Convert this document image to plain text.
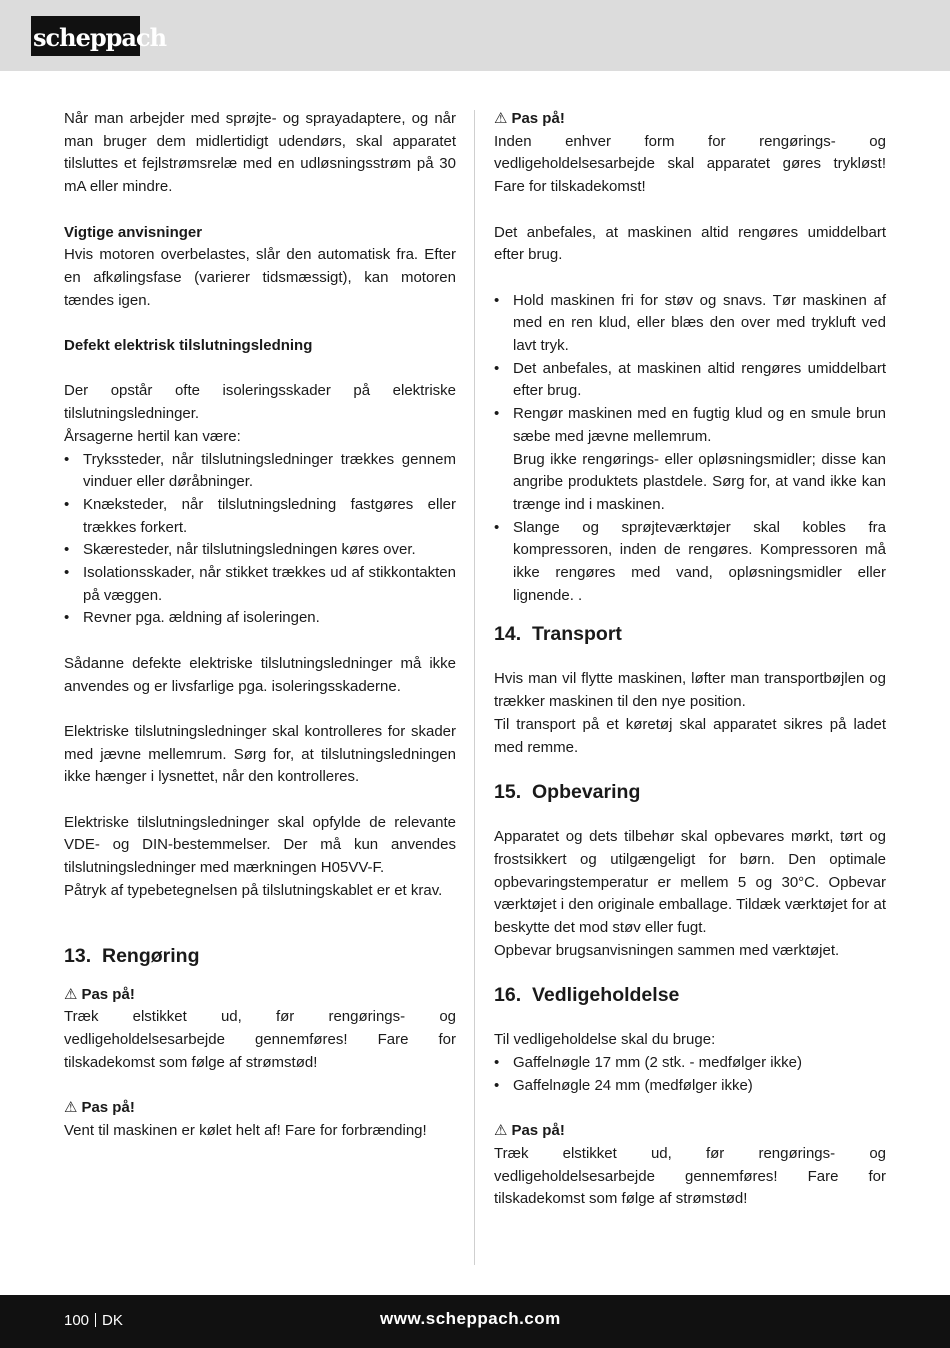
scheppach

Når man arbejder med sprøjte- og sprayadaptere, og når man bruger dem midlertidigt udendørs, skal apparatet tilsluttes et fejlstrømsrelæ med en udløsningsstrøm på 30 mA eller mindre.

Vigtige anvisninger

Hvis motoren overbelastes, slår den automatisk fra. Efter en afkølingsfase (varierer tidsmæssigt), kan motoren tændes igen.

Defekt elektrisk tilslutningsledning

Der opstår ofte isoleringsskader på elektriske tilslutningsledninger.

Årsagerne hertil kan være:

• Trykssteder, når tilslutningsledninger trækkes gennem vinduer eller døråbninger.
• Knæksteder, når tilslutningsledning fastgøres eller trækkes forkert.
• Skæresteder, når tilslutningsledningen køres over.
• Isolationsskader, når stikket trækkes ud af stikkontakten på væggen.
• Revner pga. ældning af isoleringen.

Sådanne defekte elektriske tilslutningsledninger må ikke anvendes og er livsfarlige pga. isoleringsskaderne.

Elektriske tilslutningsledninger skal kontrolleres for skader med jævne mellemrum. Sørg for, at tilslutningsledningen ikke hænger i lysnettet, når den kontrolleres.

Elektriske tilslutningsledninger skal opfylde de relevante VDE- og DIN-bestemmelser. Der må kun anvendes tilslutningsledninger med mærkningen H05VV-F.

Påtryk af typebetegnelsen på tilslutningskablet er et krav.

13. Rengøring

⚠ Pas på!

Træk elstikket ud, før rengørings- og vedligeholdelsesarbejde gennemføres! Fare for tilskadekomst som følge af strømstød!

⚠ Pas på!

Vent til maskinen er kølet helt af! Fare for forbrænding!

⚠ Pas på!

Inden enhver form for rengørings- og vedligeholdelsesarbejde skal apparatet gøres trykløst! Fare for tilskadekomst!

Det anbefales, at maskinen altid rengøres umiddelbart efter brug.

• Hold maskinen fri for støv og snavs. Tør maskinen af med en ren klud, eller blæs den over med trykluft ved lavt tryk.
• Det anbefales, at maskinen altid rengøres umiddelbart efter brug.
• Rengør maskinen med en fugtig klud og en smule brun sæbe med jævne mellemrum.
Brug ikke rengørings- eller opløsningsmidler; disse kan angribe produktets plastdele. Sørg for, at vand ikke kan trænge ind i maskinen.
• Slange og sprøjteværktøjer skal kobles fra kompressoren, inden de rengøres. Kompressoren må ikke rengøres med vand, opløsningsmidler eller lignende. .
14. Transport

Hvis man vil flytte maskinen, løfter man transportbøjlen og trækker maskinen til den nye position.

Til transport på et køretøj skal apparatet sikres på ladet med remme.

15. Opbevaring

Apparatet og dets tilbehør skal opbevares mørkt, tørt og frostsikkert og utilgængeligt for børn. Den optimale opbevaringstemperatur er mellem 5 og 30°C. Opbevar værktøjet i den originale emballage. Tildæk værktøjet for at beskytte det mod støv eller fugt.

Opbevar brugsanvisningen sammen med værktøjet.

16. Vedligeholdelse

Til vedligeholdelse skal du bruge:

• Gaffelnøgle 17 mm (2 stk. - medfølger ikke)
• Gaffelnøgle 24 mm (medfølger ikke)

⚠ Pas på!

Træk elstikket ud, før rengørings- og vedligeholdelsesarbejde gennemføres! Fare for tilskadekomst som følge af strømstød!

100 DK	www.scheppach.com
